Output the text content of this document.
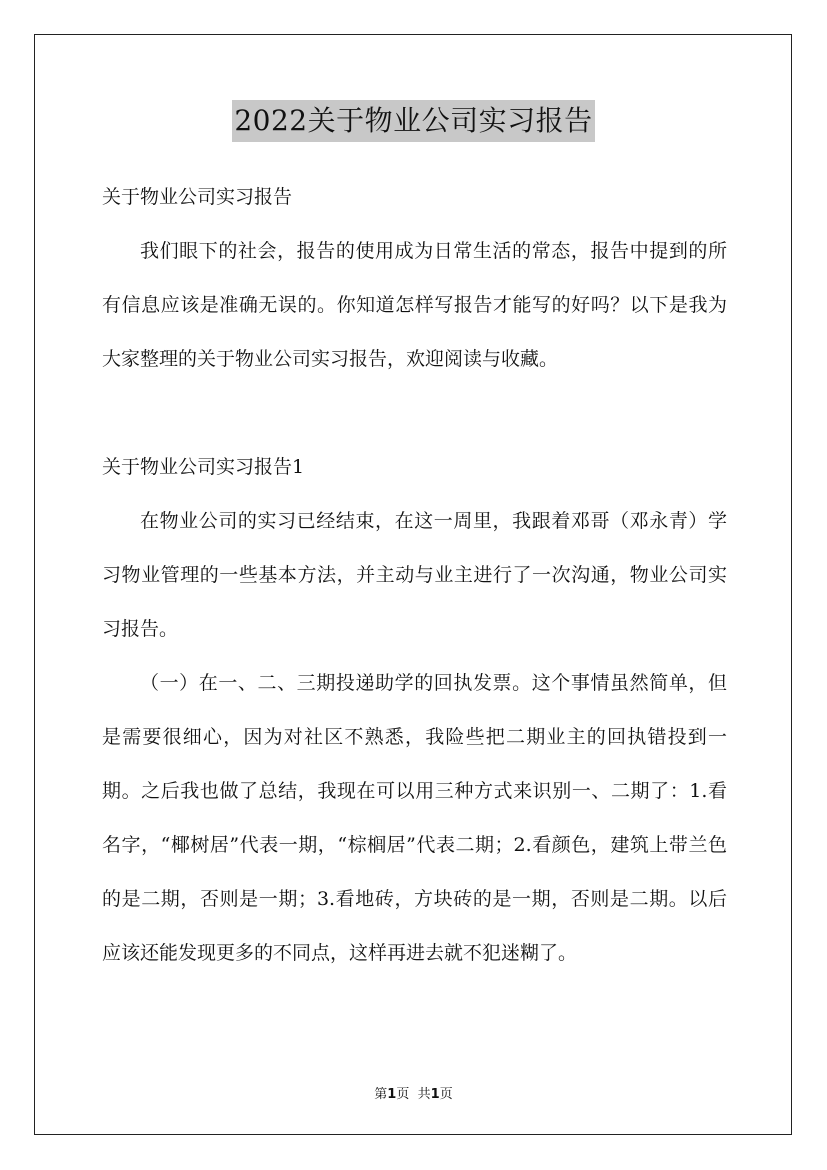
2022关于物业公司实习报告

关于物业公司实习报告

我们眼下的社会，报告的使用成为日常生活的常态，报告中提到的所有信息应该是准确无误的。你知道怎样写报告才能写的好吗？以下是我为大家整理的关于物业公司实习报告，欢迎阅读与收藏。

关于物业公司实习报告1

在物业公司的实习已经结束，在这一周里，我跟着邓哥（邓永青）学习物业管理的一些基本方法，并主动与业主进行了一次沟通，物业公司实习报告。

（一）在一、二、三期投递助学的回执发票。这个事情虽然简单，但是需要很细心，因为对社区不熟悉，我险些把二期业主的回执错投到一期。之后我也做了总结，我现在可以用三种方式来识别一、二期了：1.看名字，“椰树居”代表一期，“棕榈居”代表二期；2.看颜色，建筑上带兰色的是二期，否则是一期；3.看地砖，方块砖的是一期，否则是二期。以后应该还能发现更多的不同点，这样再进去就不犯迷糊了。

第1页 共1页
